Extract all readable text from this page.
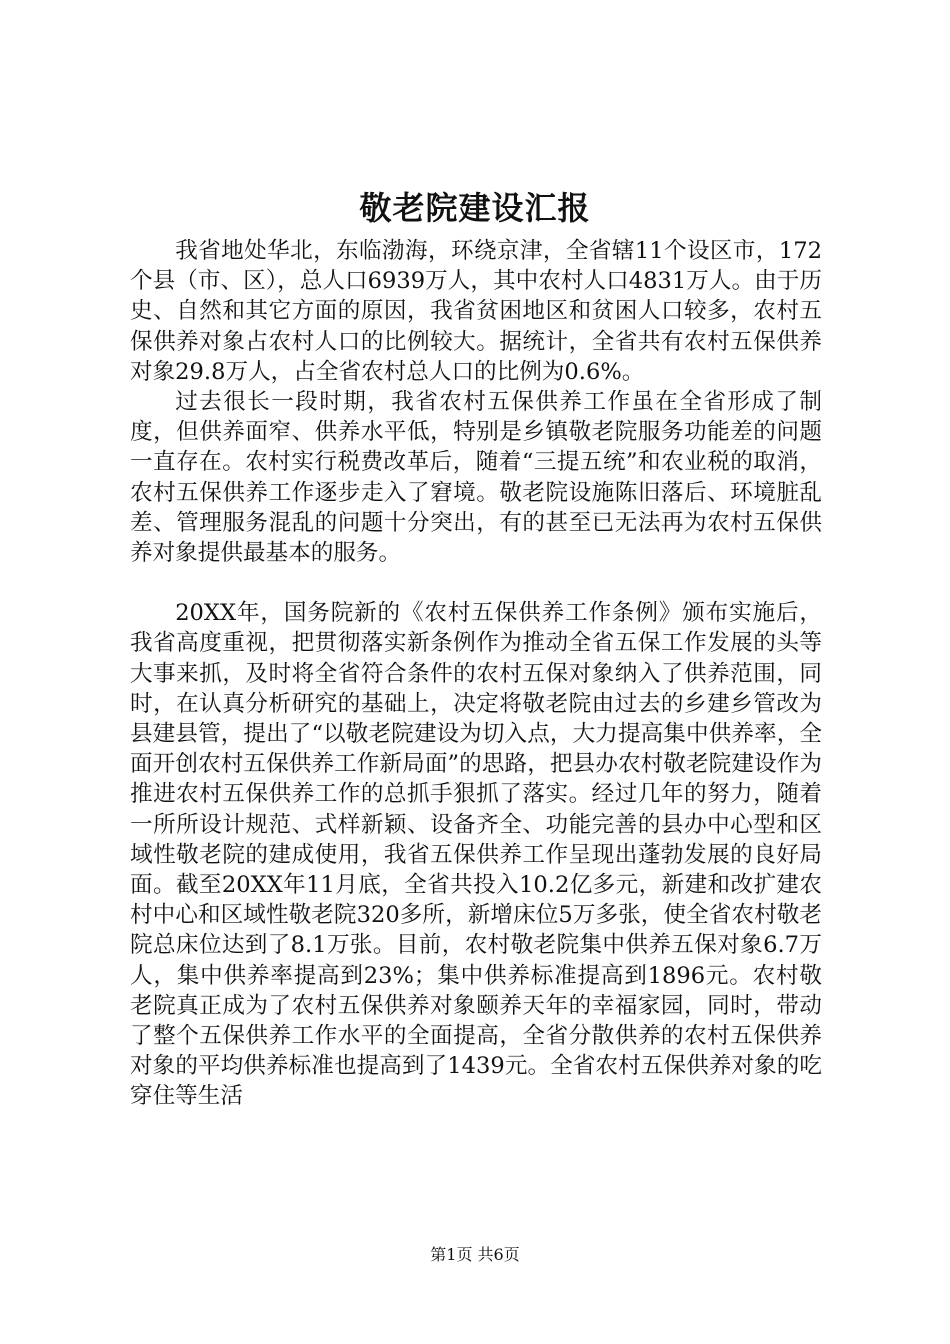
敬老院建设汇报

我省地处华北，东临渤海，环绕京津，全省辖11个设区市，172个县（市、区），总人口6939万人，其中农村人口4831万人。由于历史、自然和其它方面的原因，我省贫困地区和贫困人口较多，农村五保供养对象占农村人口的比例较大。据统计，全省共有农村五保供养对象29.8万人，占全省农村总人口的比例为0.6%。

过去很长一段时期，我省农村五保供养工作虽在全省形成了制度，但供养面窄、供养水平低，特别是乡镇敬老院服务功能差的问题一直存在。农村实行税费改革后，随着“三提五统”和农业税的取消，农村五保供养工作逐步走入了窘境。敬老院设施陈旧落后、环境脏乱差、管理服务混乱的问题十分突出，有的甚至已无法再为农村五保供养对象提供最基本的服务。

20XX年，国务院新的《农村五保供养工作条例》颁布实施后，我省高度重视，把贯彻落实新条例作为推动全省五保工作发展的头等大事来抓，及时将全省符合条件的农村五保对象纳入了供养范围，同时，在认真分析研究的基础上，决定将敬老院由过去的乡建乡管改为县建县管，提出了“以敬老院建设为切入点，大力提高集中供养率，全面开创农村五保供养工作新局面”的思路，把县办农村敬老院建设作为推进农村五保供养工作的总抓手狠抓了落实。经过几年的努力，随着一所所设计规范、式样新颖、设备齐全、功能完善的县办中心型和区域性敬老院的建成使用，我省五保供养工作呈现出蓬勃发展的良好局面。截至20XX年11月底，全省共投入10.2亿多元，新建和改扩建农村中心和区域性敬老院320多所，新增床位5万多张，使全省农村敬老院总床位达到了8.1万张。目前，农村敬老院集中供养五保对象6.7万人，集中供养率提高到23%；集中供养标准提高到1896元。农村敬老院真正成为了农村五保供养对象颐养天年的幸福家园，同时，带动了整个五保供养工作水平的全面提高，全省分散供养的农村五保供养对象的平均供养标准也提高到了1439元。全省农村五保供养对象的吃穿住等生活

第1页 共6页
